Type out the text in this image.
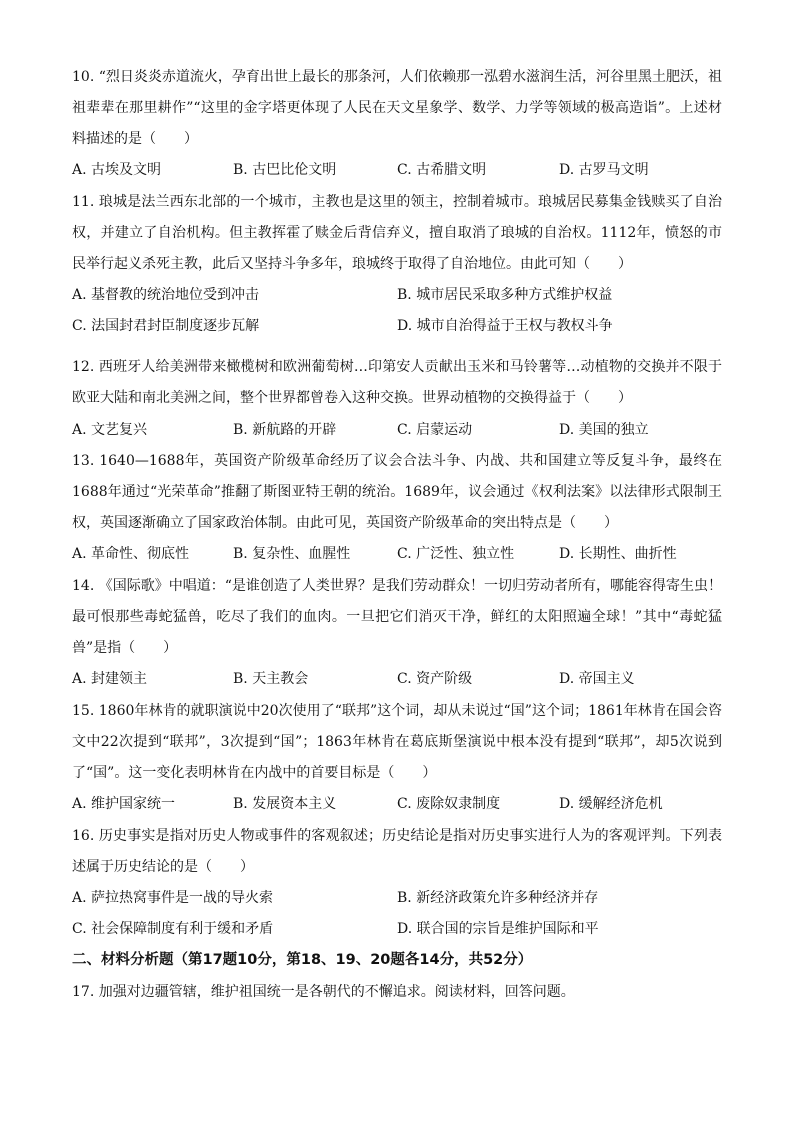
10. “烈日炎炎赤道流火，孕育出世上最长的那条河，人们依赖那一泓碧水滋润生活，河谷里黑土肥沃，祖祖辈辈在那里耕作”“这里的金字塔更体现了人民在天文星象学、数学、力学等领域的极高造诣”。上述材料描述的是（　　）
A. 古埃及文明	B. 古巴比伦文明	C. 古希腊文明	D. 古罗马文明
11. 琅城是法兰西东北部的一个城市，主教也是这里的领主，控制着城市。琅城居民募集金钱赎买了自治权，并建立了自治机构。但主教挥霍了赎金后背信弃义，擅自取消了琅城的自治权。1112年，愤怒的市民举行起义杀死主教，此后又坚持斗争多年，琅城终于取得了自治地位。由此可知（　　）
A. 基督教的统治地位受到冲击	B. 城市居民采取多种方式维护权益
C. 法国封君封臣制度逐步瓦解	D. 城市自治得益于王权与教权斗争
12. 西班牙人给美洲带来橄榄树和欧洲葡萄树…印第安人贡献出玉米和马铃薯等…动植物的交换并不限于欧亚大陆和南北美洲之间，整个世界都曾卷入这种交换。世界动植物的交换得益于（　　）
A. 文艺复兴	B. 新航路的开辟	C. 启蒙运动	D. 美国的独立
13. 1640—1688年，英国资产阶级革命经历了议会合法斗争、内战、共和国建立等反复斗争，最终在1688年通过“光荣革命”推翻了斯图亚特王朝的统治。1689年，议会通过《权利法案》以法律形式限制王权，英国逐渐确立了国家政治体制。由此可见，英国资产阶级革命的突出特点是（　　）
A. 革命性、彻底性	B. 复杂性、血腥性	C. 广泛性、独立性	D. 长期性、曲折性
14. 《国际歌》中唱道：“是谁创造了人类世界？是我们劳动群众！一切归劳动者所有，哪能容得寄生虫！最可恨那些毒蛇猛兽，吃尽了我们的血肉。一旦把它们消灭干净，鲜红的太阳照遍全球！”其中“毒蛇猛兽”是指（　　）
A. 封建领主	B. 天主教会	C. 资产阶级	D. 帝国主义
15. 1860年林肯的就职演说中20次使用了“联邦”这个词，却从未说过“国”这个词；1861年林肯在国会咨文中22次提到“联邦”，3次提到“国”；1863年林肯在葛底斯堡演说中根本没有提到“联邦”，却5次说到了“国”。这一变化表明林肯在内战中的首要目标是（　　）
A. 维护国家统一	B. 发展资本主义	C. 废除奴隶制度	D. 缓解经济危机
16. 历史事实是指对历史人物或事件的客观叙述；历史结论是指对历史事实进行人为的客观评判。下列表述属于历史结论的是（　　）
A. 萨拉热窝事件是一战的导火索	B. 新经济政策允许多种经济并存
C. 社会保障制度有利于缓和矛盾	D. 联合国的宗旨是维护国际和平
二、材料分析题（第17题10分，第18、19、20题各14分，共52分）
17. 加强对边疆管辖，维护祖国统一是各朝代的不懈追求。阅读材料，回答问题。
